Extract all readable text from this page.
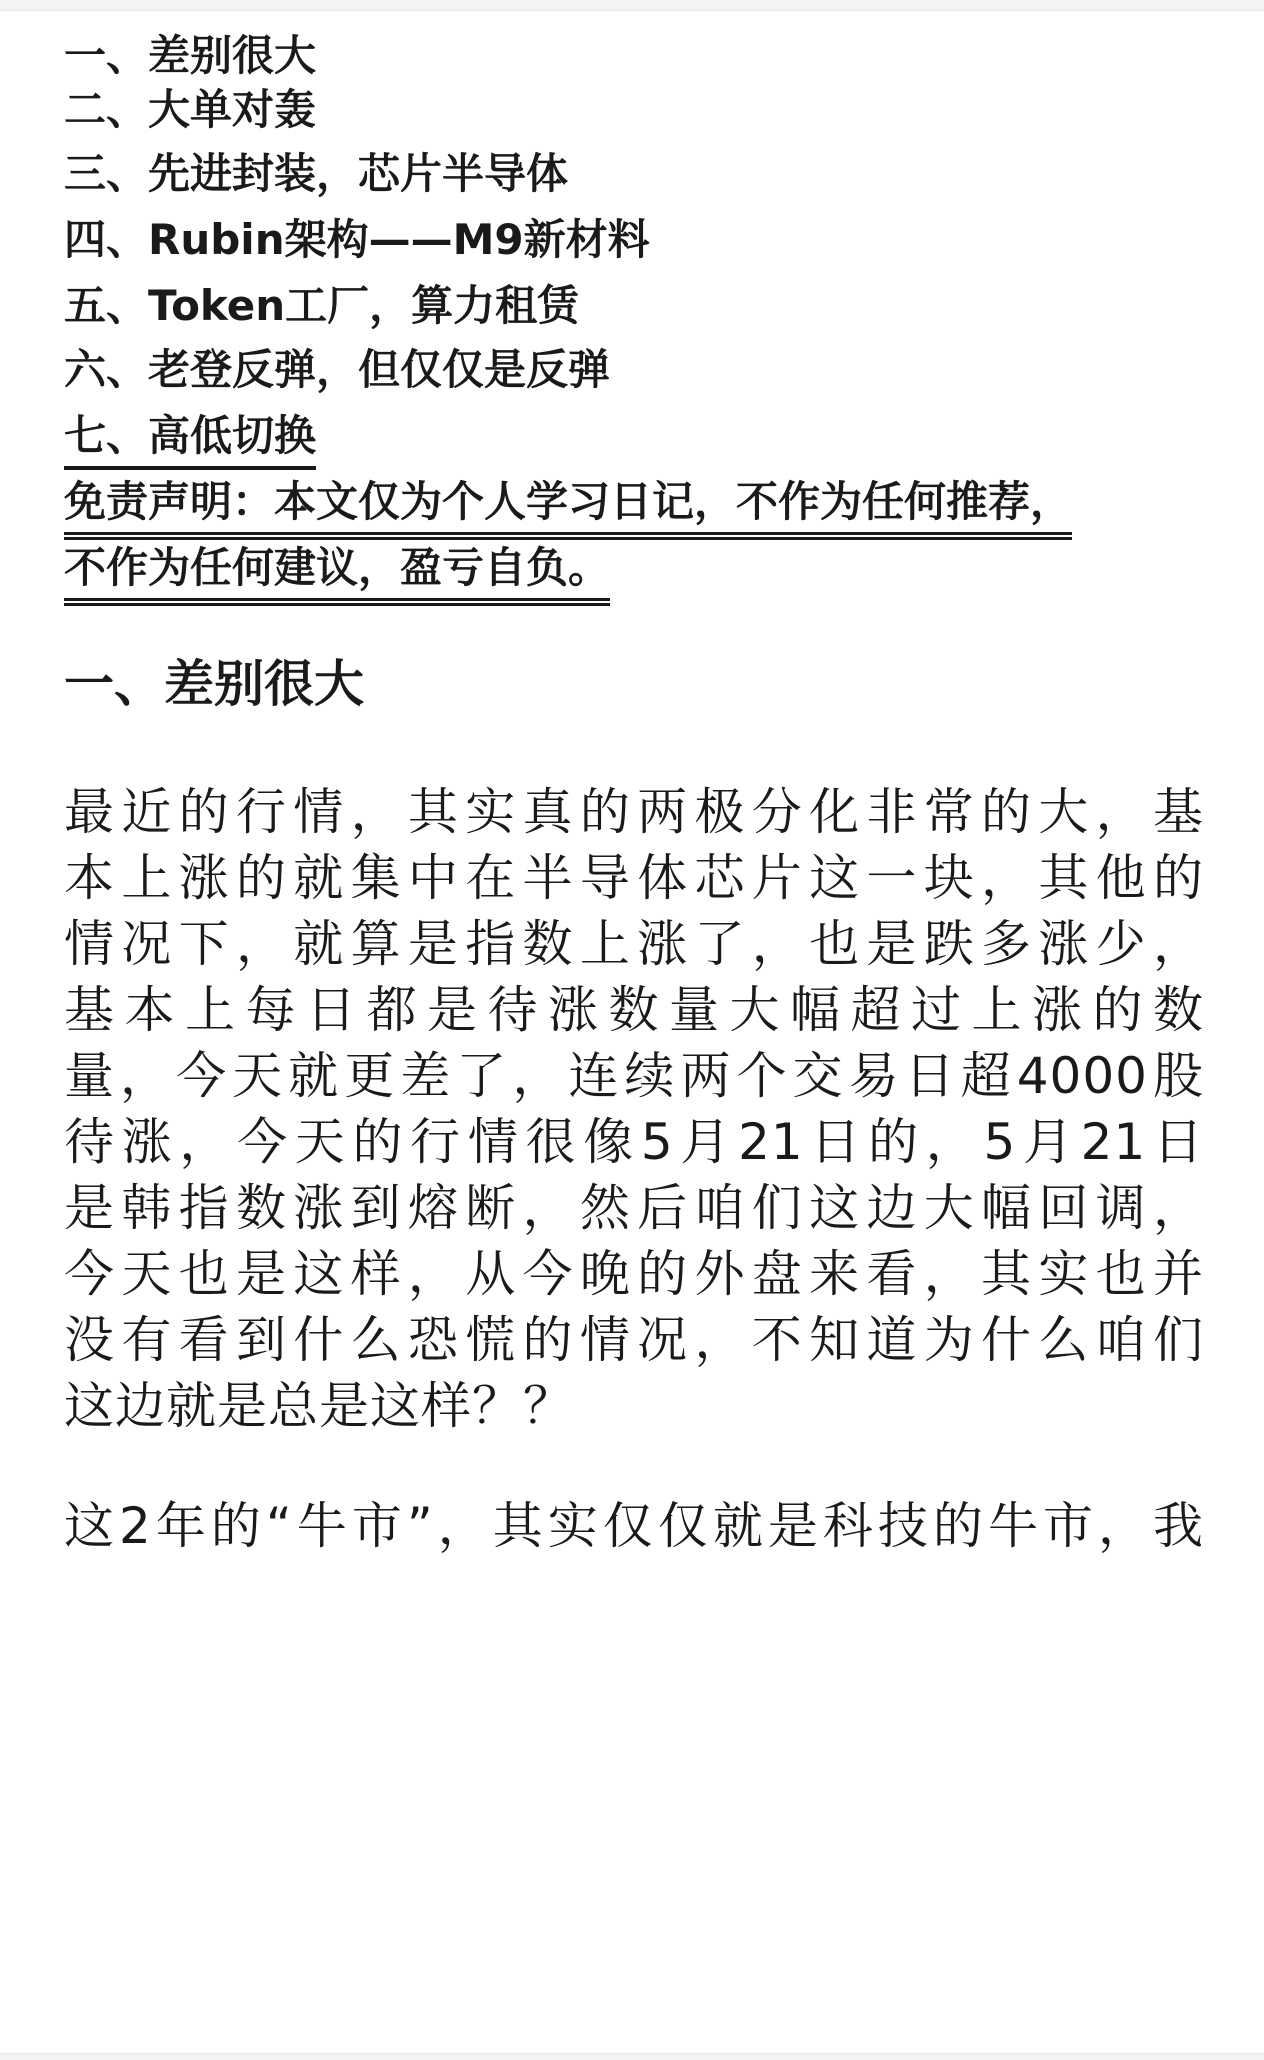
一、差别很大
二、大单对轰
三、先进封装，芯片半导体
四、Rubin架构——M9新材料
五、Token工厂，算力租赁
六、老登反弹，但仅仅是反弹
七、高低切换
免责声明：本文仅为个人学习日记，不作为任何推荐，
不作为任何建议，盈亏自负。
一、差别很大
最近的行情，其实真的两极分化非常的大，基
本上涨的就集中在半导体芯片这一块，其他的
情况下，就算是指数上涨了，也是跌多涨少，
基本上每日都是待涨数量大幅超过上涨的数
量，今天就更差了，连续两个交易日超4000股
待涨，今天的行情很像5月21日的，5月21日
是韩指数涨到熔断，然后咱们这边大幅回调，
今天也是这样，从今晚的外盘来看，其实也并
没有看到什么恐慌的情况，不知道为什么咱们
这边就是总是这样？？
这2年的“牛市”，其实仅仅就是科技的牛市，我
